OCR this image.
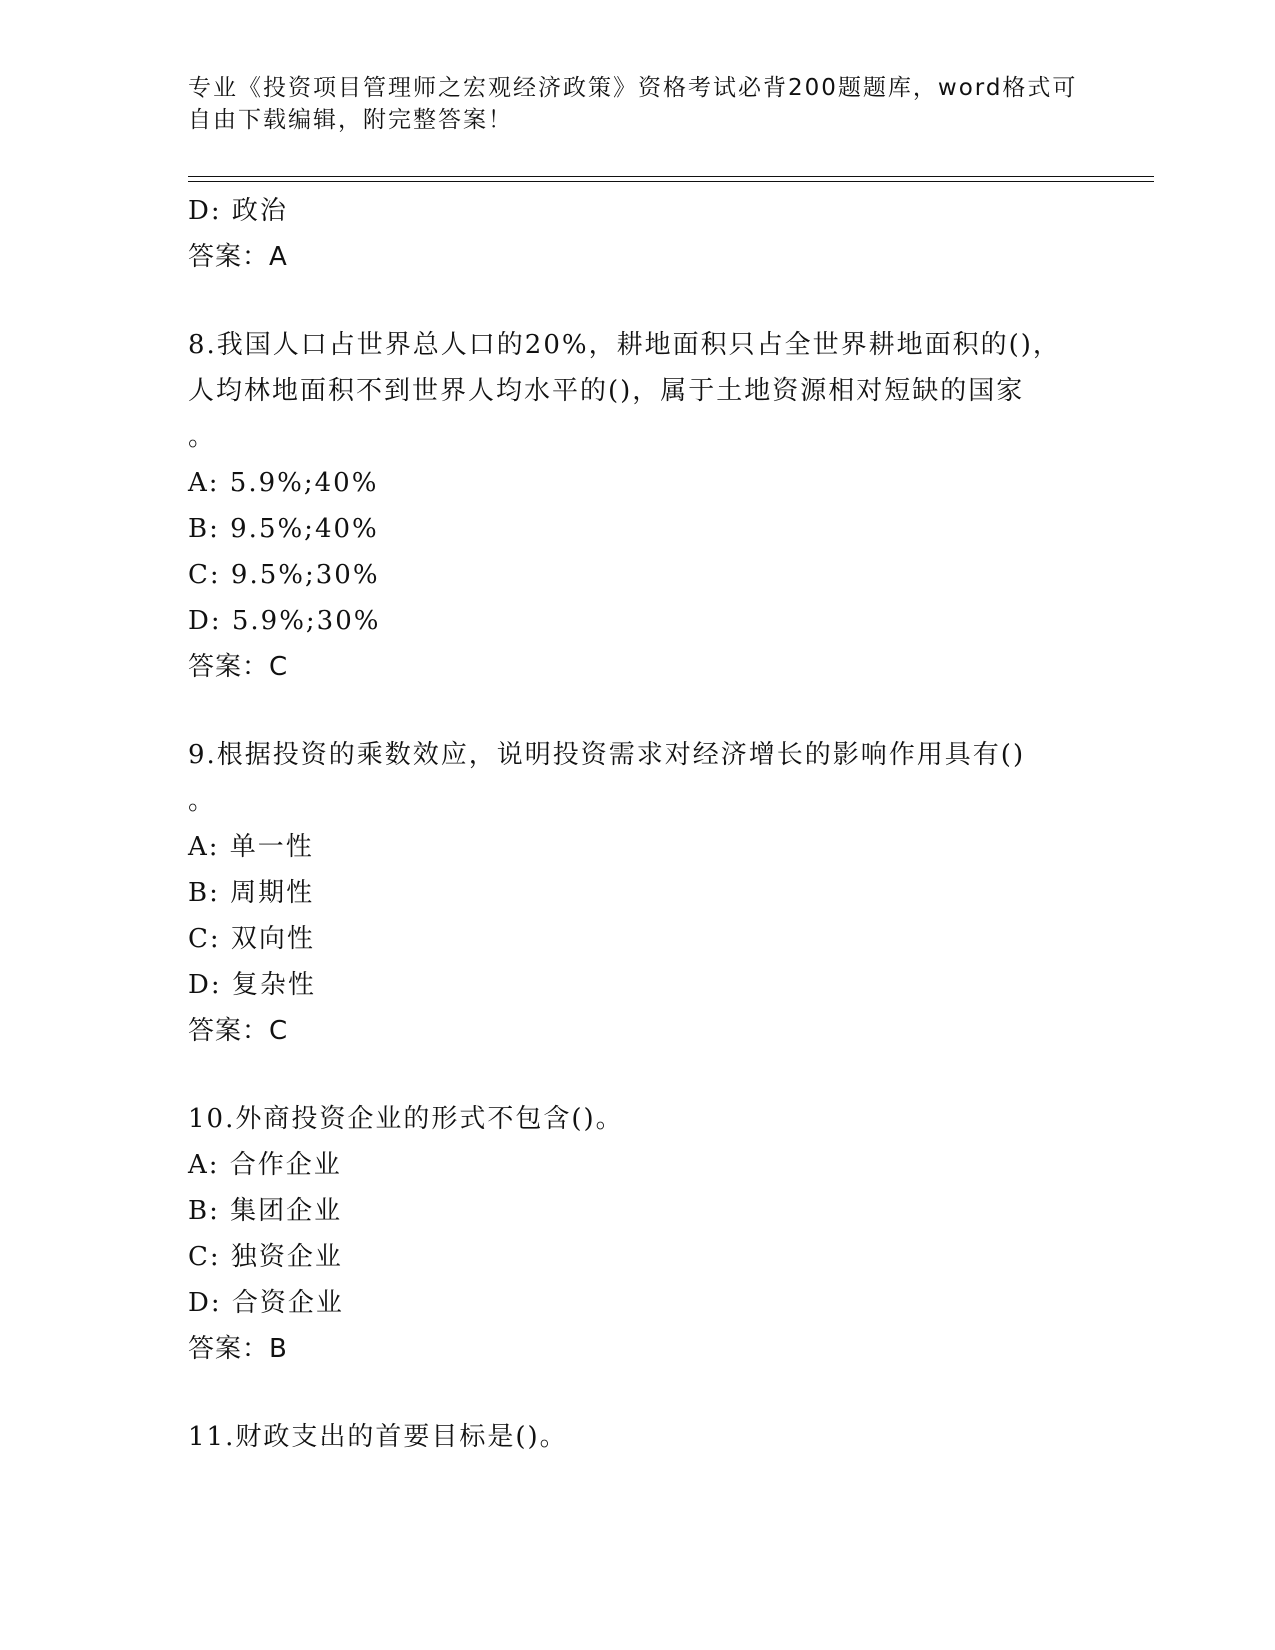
专业《投资项目管理师之宏观经济政策》资格考试必背200题题库，word格式可
自由下载编辑，附完整答案！
D: 政治
答案：A
8.我国人口占世界总人口的20%，耕地面积只占全世界耕地面积的()，
人均林地面积不到世界人均水平的()，属于土地资源相对短缺的国家
。
A: 5.9%;40%
B: 9.5%;40%
C: 9.5%;30%
D: 5.9%;30%
答案：C
9.根据投资的乘数效应，说明投资需求对经济增长的影响作用具有()
。
A: 单一性
B: 周期性
C: 双向性
D: 复杂性
答案：C
10.外商投资企业的形式不包含()。
A: 合作企业
B: 集团企业
C: 独资企业
D: 合资企业
答案：B
11.财政支出的首要目标是()。
